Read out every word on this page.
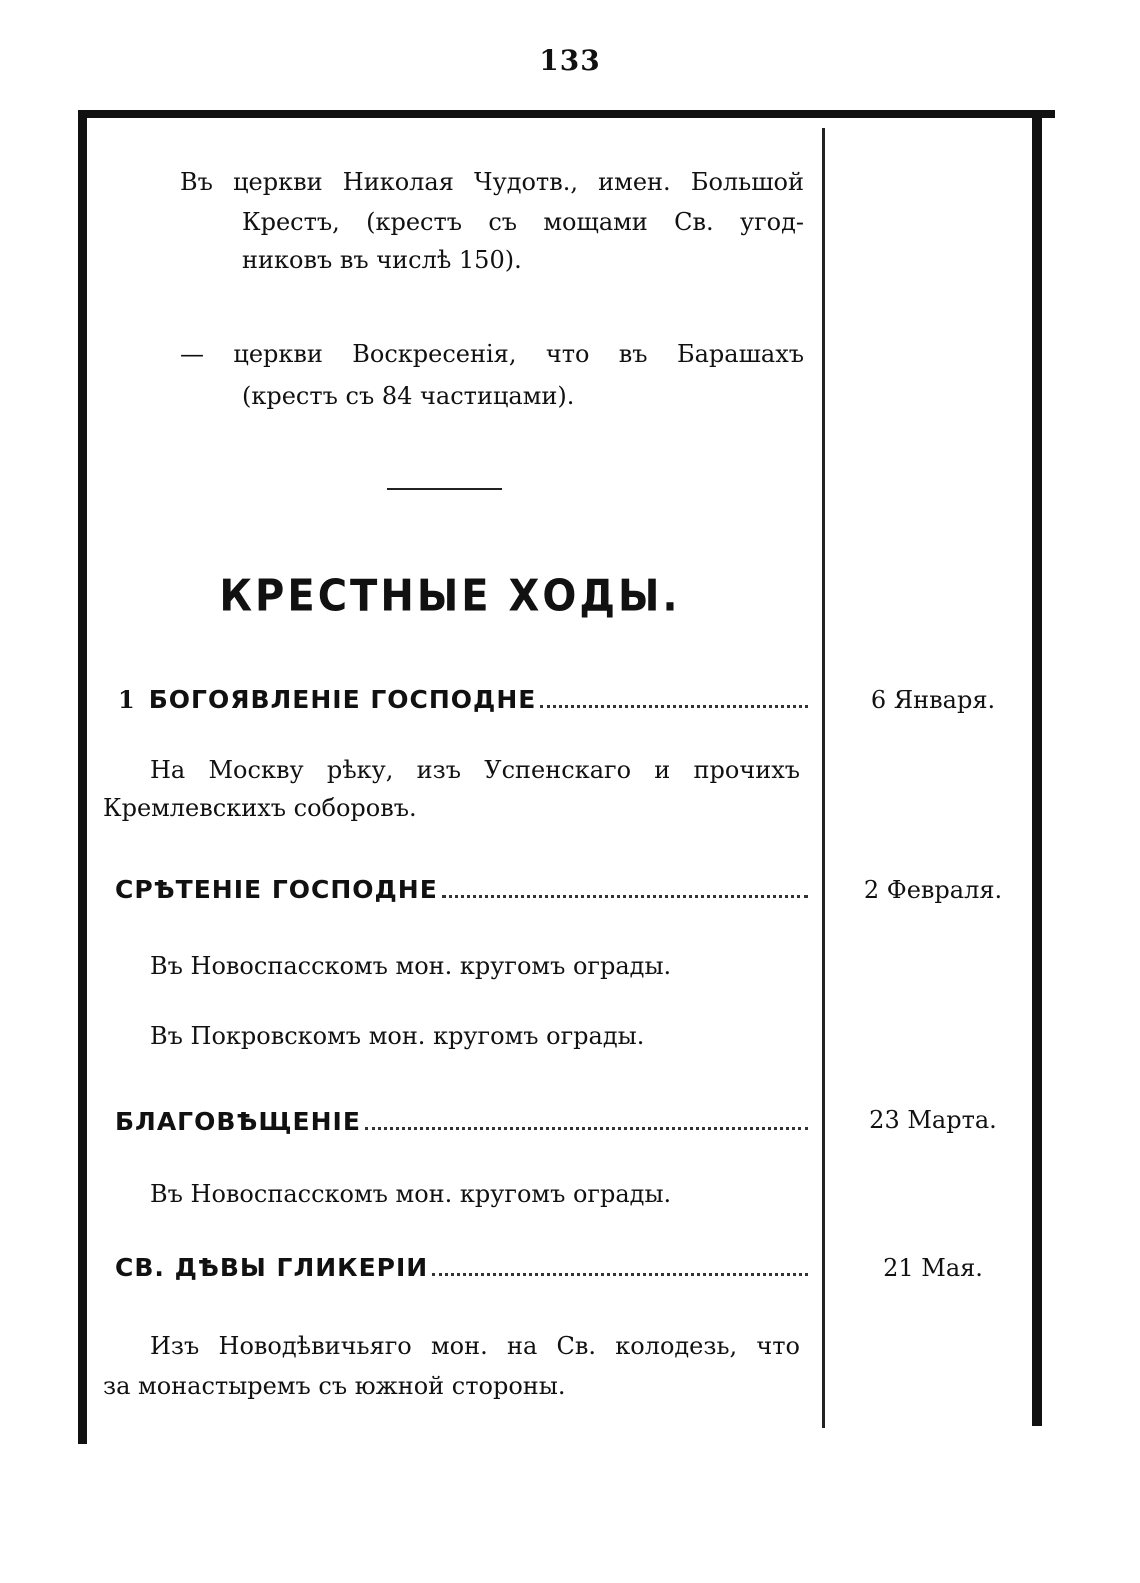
133
Въ церкви Николая Чудотв., имен. Большой
Крестъ, (крестъ съ мощами Св. угод-
никовъ въ числѣ 150).
— церкви Воскресенія, что въ Барашахъ
(крестъ съ 84 частицами).
КРЕСТНЫЕ ХОДЫ.
1 БОГОЯВЛЕНІЕ ГОСПОДНЕ	6 Января.
На Москву рѣку, изъ Успенскаго и прочихъ
Кремлевскихъ соборовъ.
СРѢТЕНІЕ ГОСПОДНЕ	2 Февраля.
Въ Новоспасскомъ мон. кругомъ ограды.
Въ Покровскомъ мон. кругомъ ограды.
БЛАГОВѢЩЕНІЕ	23 Марта.
Въ Новоспасскомъ мон. кругомъ ограды.
СВ. ДѢВЫ ГЛИКЕРІИ	21 Мая.
Изъ Новодѣвичьяго мон. на Св. колодезь, что
за монастыремъ съ южной стороны.
